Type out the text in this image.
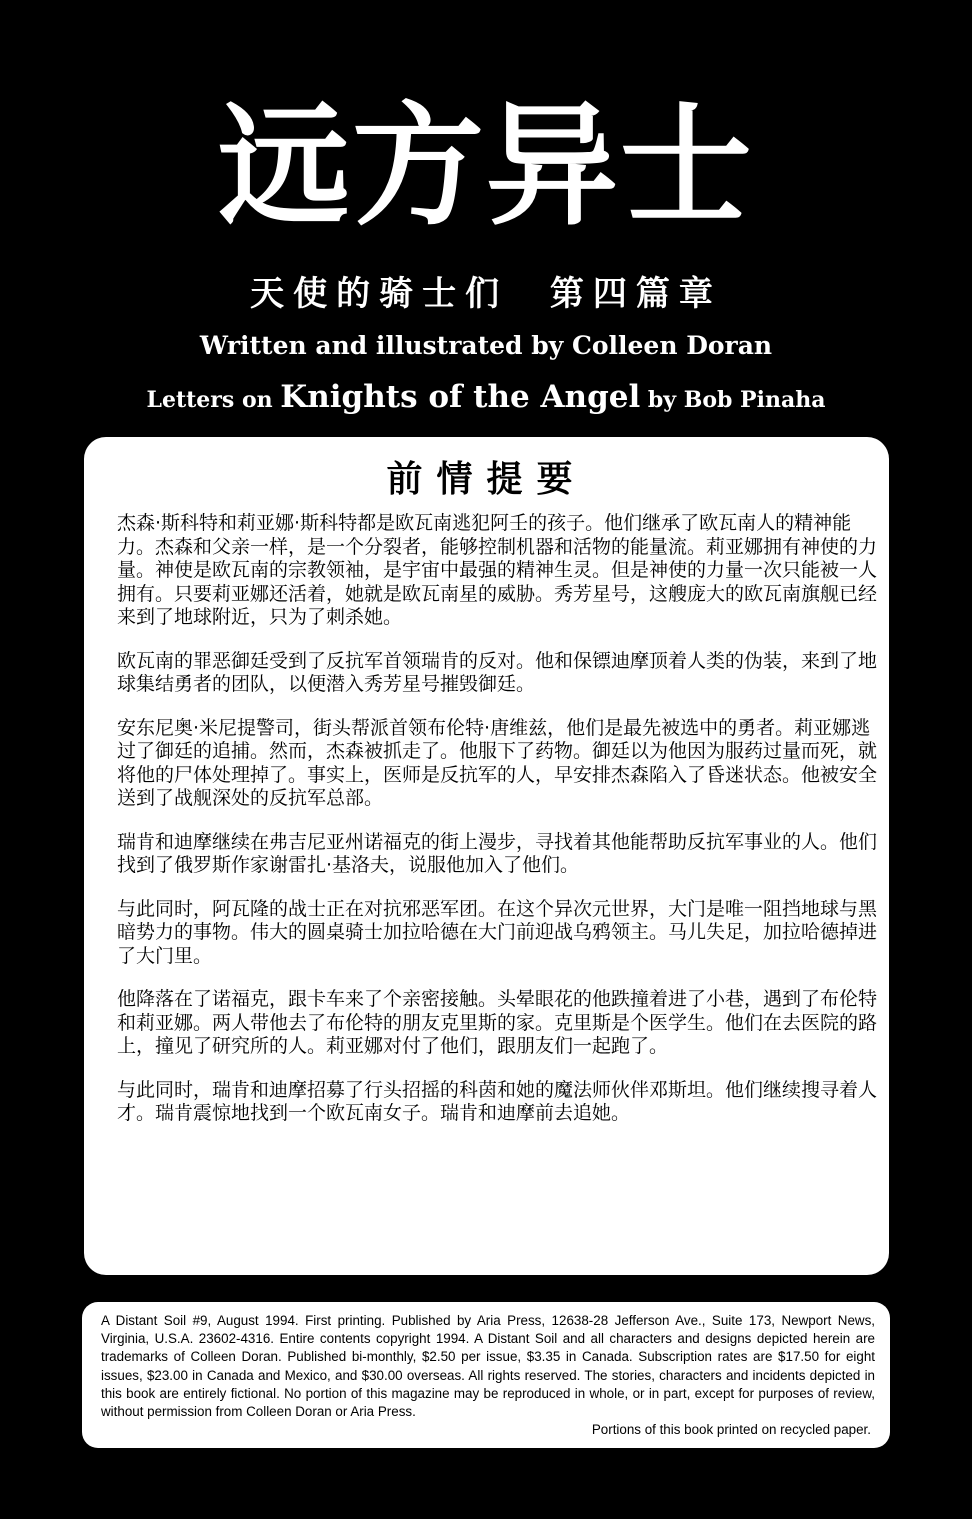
远方异士
天使的骑士们  第四篇章
Written and illustrated by Colleen Doran
Letters on Knights of the Angel by Bob Pinaha
前情提要

杰森·斯科特和莉亚娜·斯科特都是欧瓦南逃犯阿壬的孩子。他们继承了欧瓦南人的精神能力。杰森和父亲一样，是一个分裂者，能够控制机器和活物的能量流。莉亚娜拥有神使的力量。神使是欧瓦南的宗教领袖，是宇宙中最强的精神生灵。但是神使的力量一次只能被一人拥有。只要莉亚娜还活着，她就是欧瓦南星的威胁。秀芳星号，这艘庞大的欧瓦南旗舰已经来到了地球附近，只为了刺杀她。

欧瓦南的罪恶御廷受到了反抗军首领瑞肯的反对。他和保镖迪摩顶着人类的伪装，来到了地球集结勇者的团队，以便潜入秀芳星号摧毁御廷。

安东尼奥·米尼提警司，街头帮派首领布伦特·唐维兹，他们是最先被选中的勇者。莉亚娜逃过了御廷的追捕。然而，杰森被抓走了。他服下了药物。御廷以为他因为服药过量而死，就将他的尸体处理掉了。事实上，医师是反抗军的人，早安排杰森陷入了昏迷状态。他被安全送到了战舰深处的反抗军总部。

瑞肯和迪摩继续在弗吉尼亚州诺福克的街上漫步，寻找着其他能帮助反抗军事业的人。他们找到了俄罗斯作家谢雷扎·基洛夫，说服他加入了他们。

与此同时，阿瓦隆的战士正在对抗邪恶军团。在这个异次元世界，大门是唯一阻挡地球与黑暗势力的事物。伟大的圆桌骑士加拉哈德在大门前迎战乌鸦领主。马儿失足，加拉哈德掉进了大门里。

他降落在了诺福克，跟卡车来了个亲密接触。头晕眼花的他跌撞着进了小巷，遇到了布伦特和莉亚娜。两人带他去了布伦特的朋友克里斯的家。克里斯是个医学生。他们在去医院的路上，撞见了研究所的人。莉亚娜对付了他们，跟朋友们一起跑了。

与此同时，瑞肯和迪摩招募了行头招摇的科茵和她的魔法师伙伴邓斯坦。他们继续搜寻着人才。瑞肯震惊地找到一个欧瓦南女子。瑞肯和迪摩前去追她。

A Distant Soil #9, August 1994. First printing. Published by Aria Press, 12638-28 Jefferson Ave., Suite 173, Newport News, Virginia, U.S.A. 23602-4316. Entire contents copyright 1994. A Distant Soil and all characters and designs depicted herein are trademarks of Colleen Doran. Published bi-monthly, $2.50 per issue, $3.35 in Canada. Subscription rates are $17.50 for eight issues, $23.00 in Canada and Mexico, and $30.00 overseas. All rights reserved. The stories, characters and incidents depicted in this book are entirely fictional. No portion of this magazine may be reproduced in whole, or in part, except for purposes of review, without permission from Colleen Doran or Aria Press.
Portions of this book printed on recycled paper.
